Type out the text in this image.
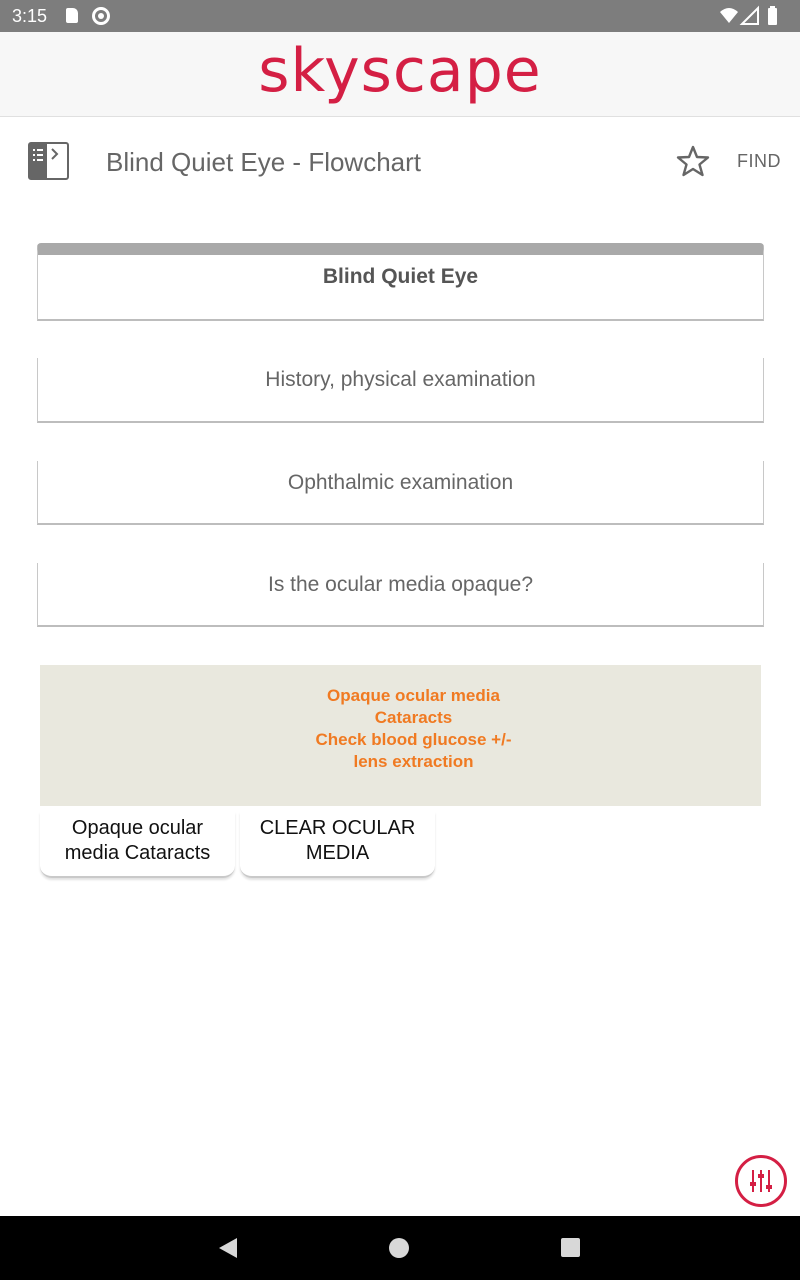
3:15
skyscape
Blind Quiet Eye - Flowchart	FIND
Blind Quiet Eye
History, physical examination
Ophthalmic examination
Is the ocular media opaque?
Opaque ocular media
Cataracts
Check blood glucose +/-
lens extraction
Opaque ocular
media Cataracts
CLEAR OCULAR
MEDIA
